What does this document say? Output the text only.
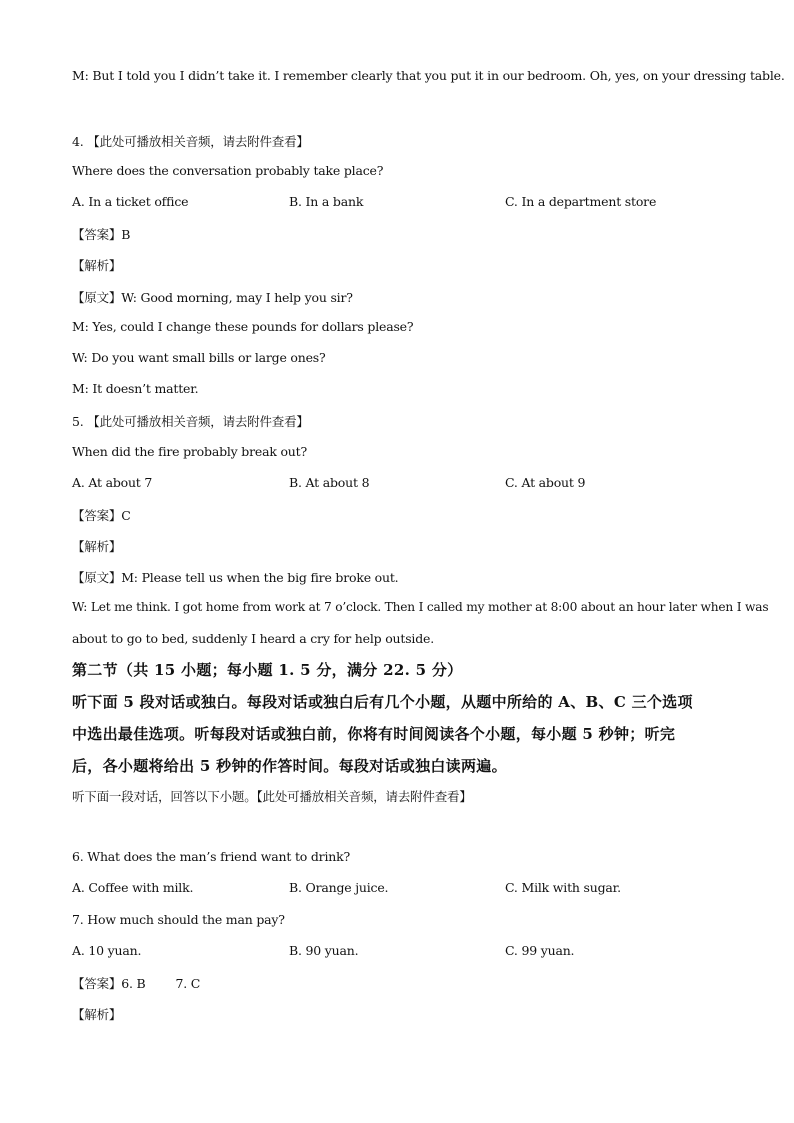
M: But I told you I didn’t take it. I remember clearly that you put it in our bedroom. Oh, yes, on your dressing table.
4. 【此处可播放相关音频，请去附件查看】
Where does the conversation probably take place?
A. In a ticket office	B. In a bank	C. In a department store
【答案】B
【解析】
【原文】W: Good morning, may I help you sir?
M: Yes, could I change these pounds for dollars please?
W: Do you want small bills or large ones?
M: It doesn’t matter.
5. 【此处可播放相关音频，请去附件查看】
When did the fire probably break out?
A. At about 7	B. At about 8	C. At about 9
【答案】C
【解析】
【原文】M: Please tell us when the big fire broke out.
W: Let me think. I got home from work at 7 o’clock. Then I called my mother at 8:00 about an hour later when I was
about to go to bed, suddenly I heard a cry for help outside.
第二节（共 15 小题；每小题 1. 5 分，满分 22. 5 分）
听下面 5 段对话或独白。每段对话或独白后有几个小题，从题中所给的 A、B、C 三个选项
中选出最佳选项。听每段对话或独白前，你将有时间阅读各个小题，每小题 5 秒钟；听完
后，各小题将给出 5 秒钟的作答时间。每段对话或独白读两遍。
听下面一段对话，回答以下小题。【此处可播放相关音频，请去附件查看】
6. What does the man’s friend want to drink?
A. Coffee with milk.	B. Orange juice.	C. Milk with sugar.
7. How much should the man pay?
A. 10 yuan.	B. 90 yuan.	C. 99 yuan.
【答案】6. B 7. C
【解析】
